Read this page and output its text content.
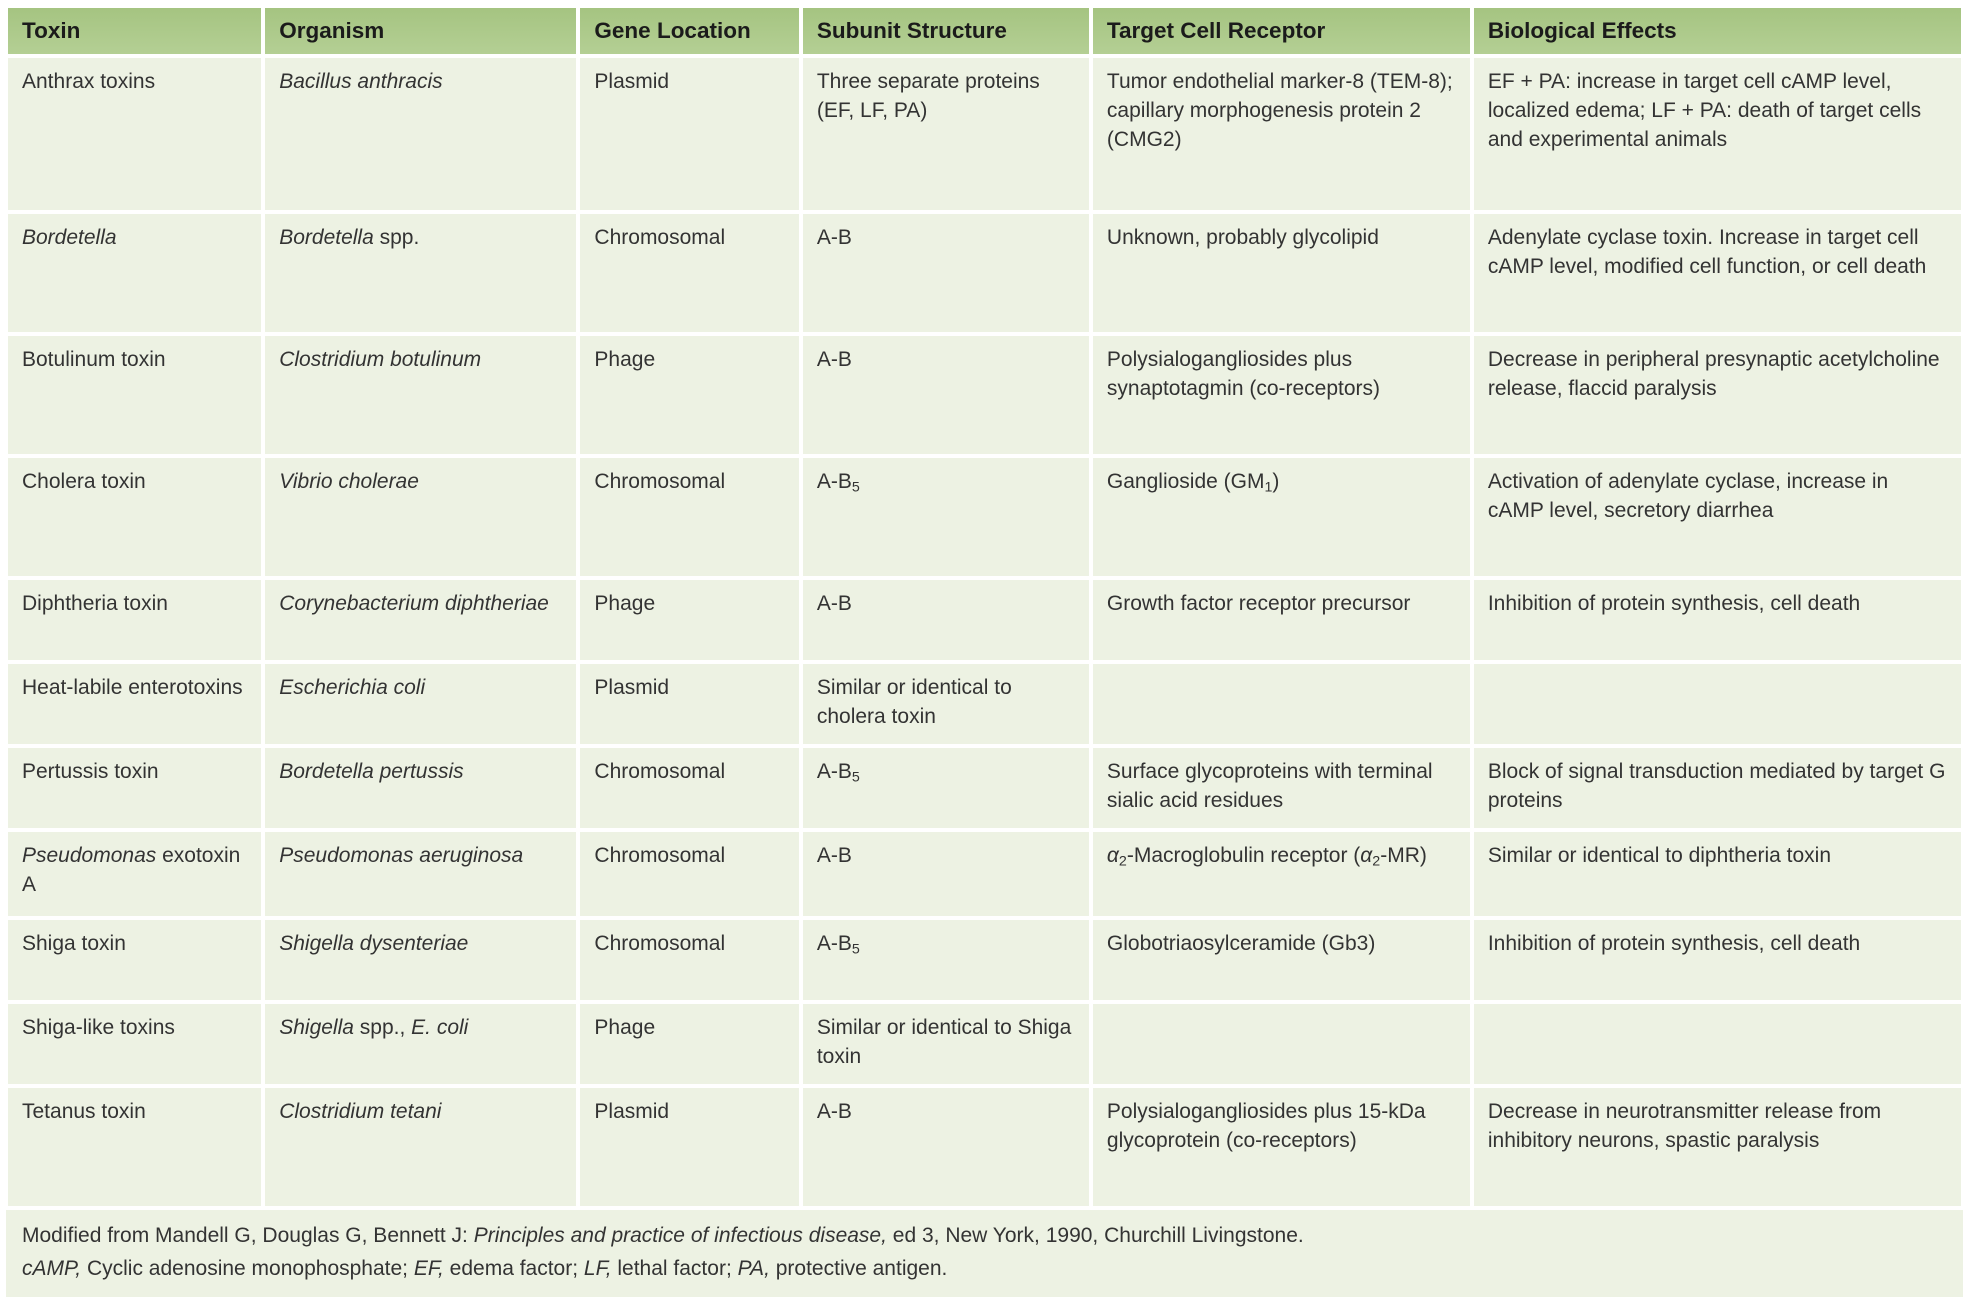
Toxin	Organism	Gene Location	Subunit Structure	Target Cell Receptor	Biological Effects
Anthrax toxins	Bacillus anthracis	Plasmid	Three separate proteins (EF, LF, PA)	Tumor endothelial marker-8 (TEM-8); capillary morphogenesis protein 2 (CMG2)	EF + PA: increase in target cell cAMP level, localized edema; LF + PA: death of target cells and experimental animals
Bordetella	Bordetella spp.	Chromosomal	A-B	Unknown, probably glycolipid	Adenylate cyclase toxin. Increase in target cell cAMP level, modified cell function, or cell death
Botulinum toxin	Clostridium botulinum	Phage	A-B	Polysialogangliosides plus synaptotagmin (co-receptors)	Decrease in peripheral presynaptic acetylcholine release, flaccid paralysis
Cholera toxin	Vibrio cholerae	Chromosomal	$A-B_5$	Ganglioside $(GM_1)$	Activation of adenylate cyclase, increase in cAMP level, secretory diarrhea
Diphtheria toxin	Corynebacterium diphtheriae	Phage	A-B	Growth factor receptor precursor	Inhibition of protein synthesis, cell death
Heat-labile enterotoxins	Escherichia coli	Plasmid	Similar or identical to cholera toxin		
Pertussis toxin	Bordetella pertussis	Chromosomal	$A-B_5$	Surface glycoproteins with terminal sialic acid residues	Block of signal transduction mediated by target G proteins
Pseudomonas exotoxin A	Pseudomonas aeruginosa	Chromosomal	A-B	$\alpha_2$-Macroglobulin receptor $(\alpha_2-MR)$	Similar or identical to diphtheria toxin
Shiga toxin	Shigella dysenteriae	Chromosomal	$A-B_5$	Globotriaosylceramide (Gb3)	Inhibition of protein synthesis, cell death
Shiga-like toxins	Shigella spp., E. coli	Phage	Similar or identical to Shiga toxin		
Tetanus toxin	Clostridium tetani	Plasmid	A-B	Polysialogangliosides plus 15-kDa glycoprotein (co-receptors)	Decrease in neurotransmitter release from inhibitory neurons, spastic paralysis

Modified from Mandell G, Douglas G, Bennett J: Principles and practice of infectious disease, ed 3, New York, 1990, Churchill Livingstone.

cAMP, Cyclic adenosine monophosphate; EF, edema factor; LF, lethal factor; PA, protective antigen.
